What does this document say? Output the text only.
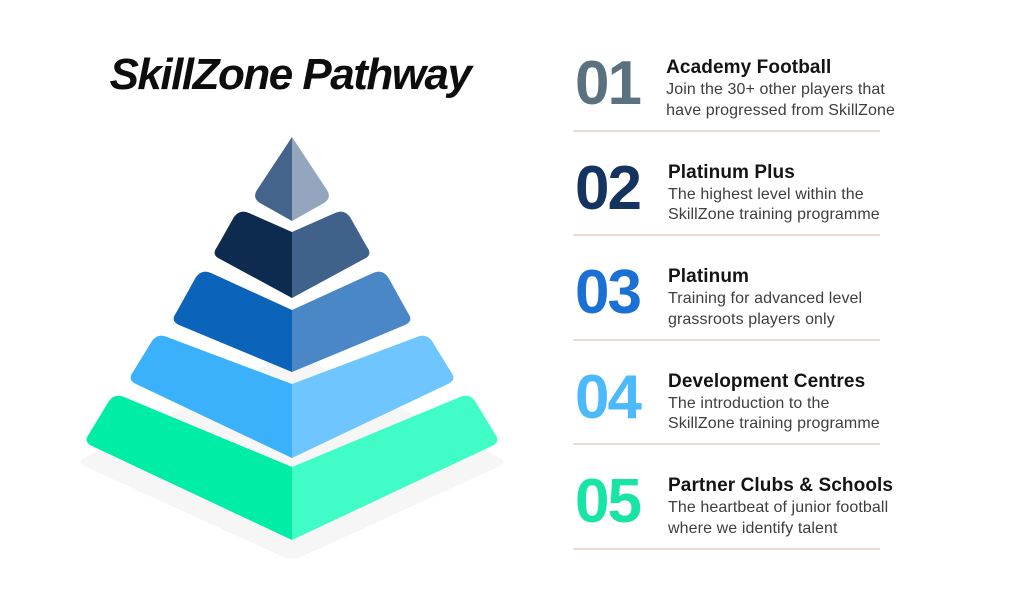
SkillZone Pathway	01	Academy Football
Join the 30+ other players that
have progressed from SkillZone
02	Platinum Plus
The highest level within the
SkillZone training programme
03	Platinum
Training for advanced level
grassroots players only
04	Development Centres
The introduction to the
SkillZone training programme
05	Partner Clubs & Schools
The heartbeat of junior football
where we identify talent
